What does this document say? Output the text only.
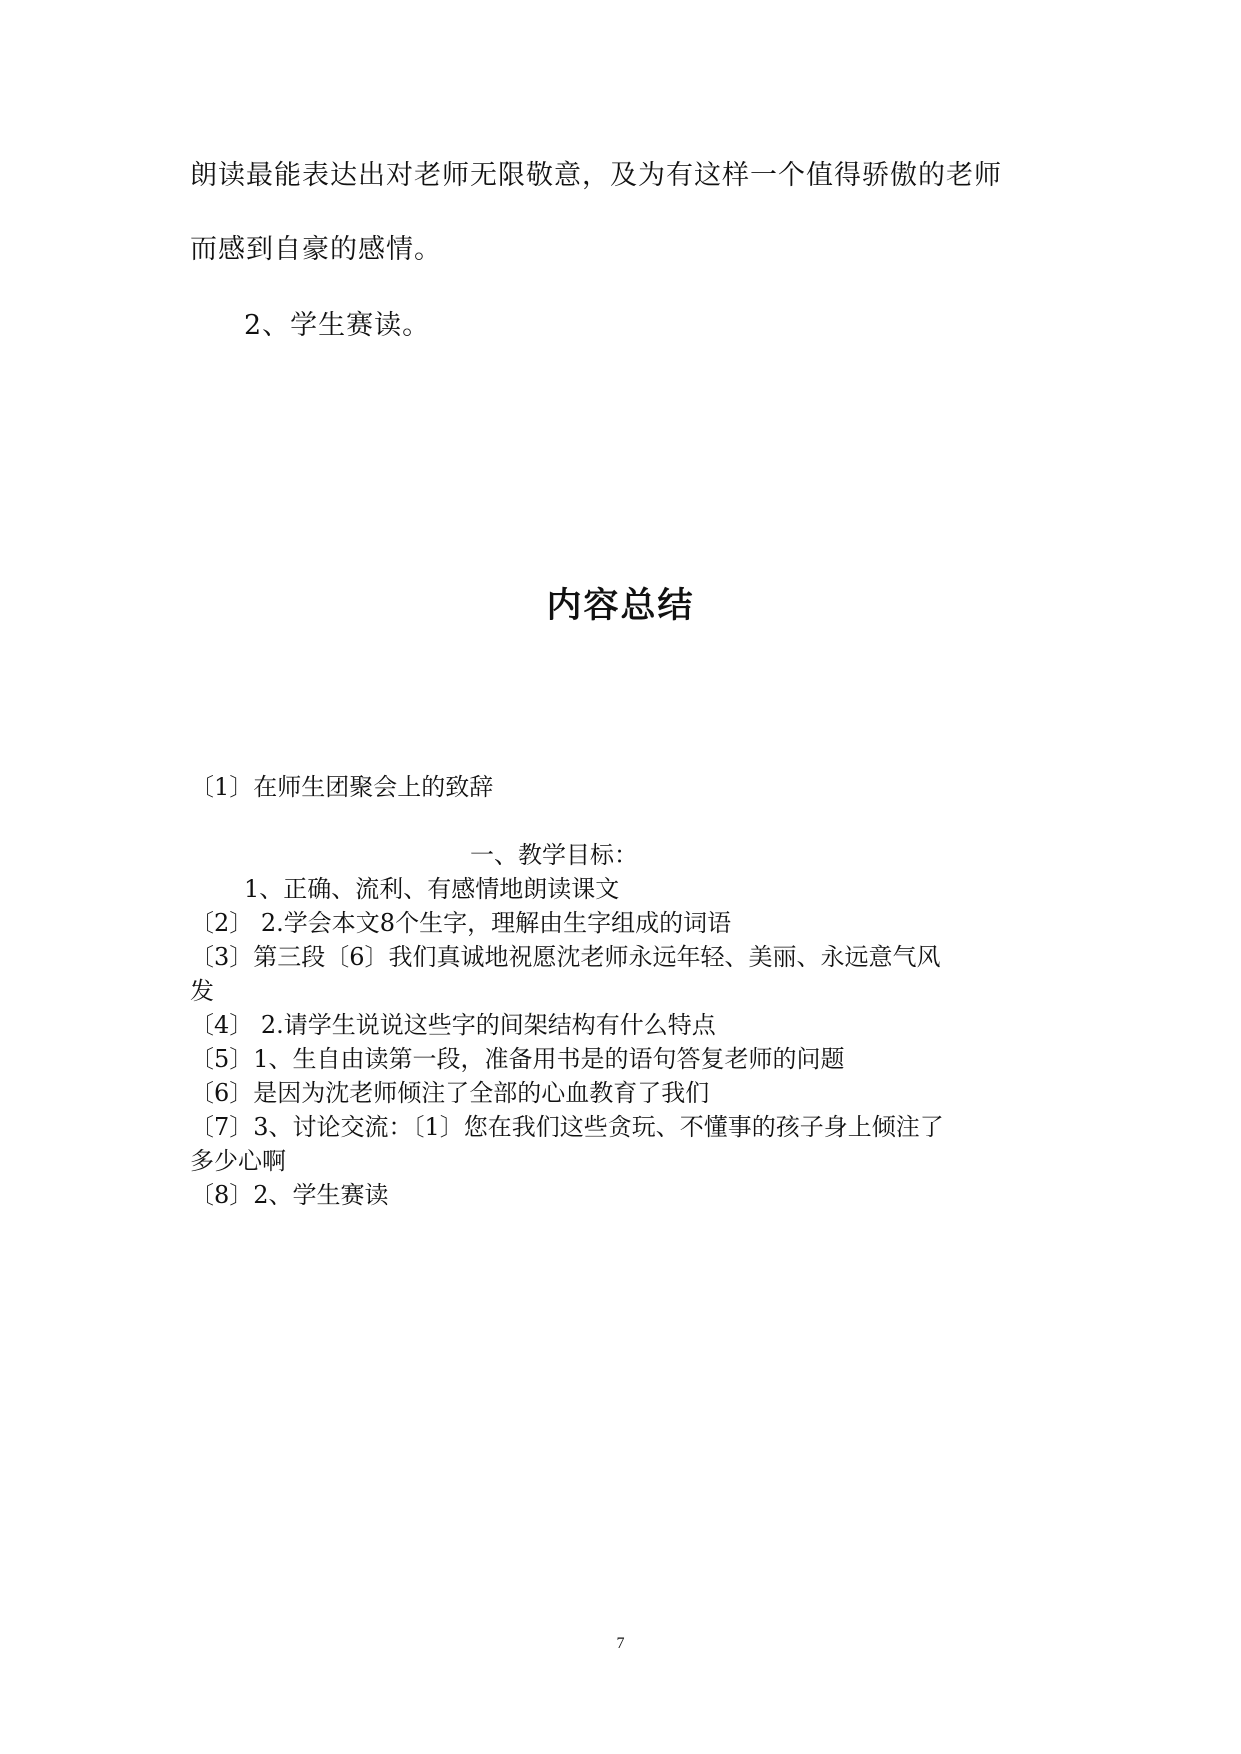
朗读最能表达出对老师无限敬意，及为有这样一个值得骄傲的老师
而感到自豪的感情。
2、学生赛读。
内容总结
〔1〕在师生团聚会上的致辞
一、教学目标：
1、正确、流利、有感情地朗读课文
〔2〕 2.学会本文8个生字，理解由生字组成的词语
〔3〕第三段〔6〕我们真诚地祝愿沈老师永远年轻、美丽、永远意气风
发
〔4〕 2.请学生说说这些字的间架结构有什么特点
〔5〕1、生自由读第一段，准备用书是的语句答复老师的问题
〔6〕是因为沈老师倾注了全部的心血教育了我们
〔7〕3、讨论交流：〔1〕您在我们这些贪玩、不懂事的孩子身上倾注了
多少心啊
〔8〕2、学生赛读
7
